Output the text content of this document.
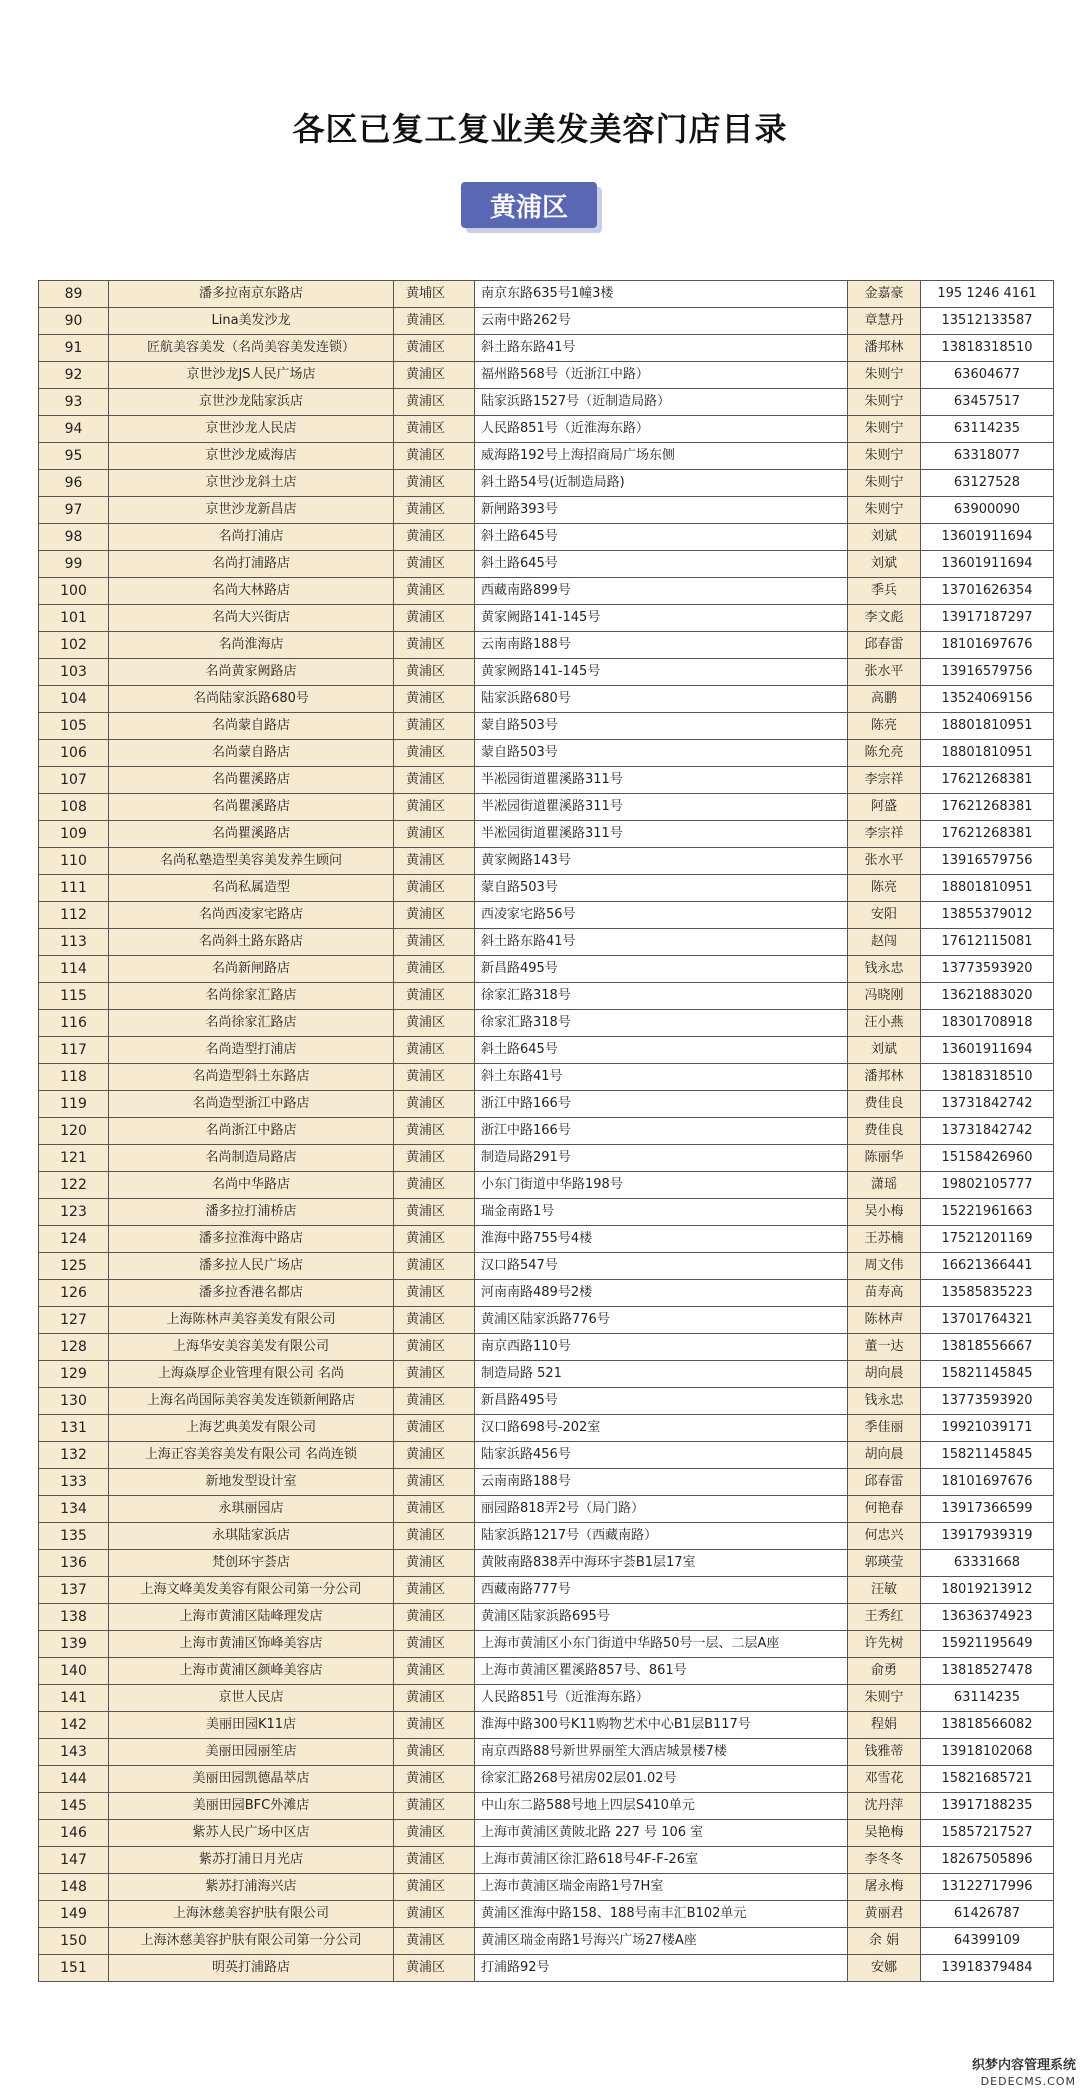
各区已复工复业美发美容门店目录
黄浦区
89	潘多拉南京东路店	黄埔区	南京东路635号1幢3楼	金嘉豪	195 1246 4161
90	Lina美发沙龙	黄浦区	云南中路262号	章慧丹	13512133587
91	匠航美容美发（名尚美容美发连锁）	黄浦区	斜土路东路41号	潘邦林	13818318510
92	京世沙龙JS人民广场店	黄浦区	福州路568号（近浙江中路）	朱则宁	63604677
93	京世沙龙陆家浜店	黄浦区	陆家浜路1527号（近制造局路）	朱则宁	63457517
94	京世沙龙人民店	黄浦区	人民路851号（近淮海东路）	朱则宁	63114235
95	京世沙龙威海店	黄浦区	威海路192号上海招商局广场东侧	朱则宁	63318077
96	京世沙龙斜土店	黄浦区	斜土路54号(近制造局路)	朱则宁	63127528
97	京世沙龙新昌店	黄浦区	新闸路393号	朱则宁	63900090
98	名尚打浦店	黄浦区	斜土路645号	刘斌	13601911694
99	名尚打浦路店	黄浦区	斜土路645号	刘斌	13601911694
100	名尚大林路店	黄浦区	西藏南路899号	季兵	13701626354
101	名尚大兴街店	黄浦区	黄家阙路141-145号	李文彪	13917187297
102	名尚淮海店	黄浦区	云南南路188号	邱春雷	18101697676
103	名尚黄家阙路店	黄浦区	黄家阙路141-145号	张水平	13916579756
104	名尚陆家浜路680号	黄浦区	陆家浜路680号	高鹏	13524069156
105	名尚蒙自路店	黄浦区	蒙自路503号	陈亮	18801810951
106	名尚蒙自路店	黄浦区	蒙自路503号	陈允亮	18801810951
107	名尚瞿溪路店	黄浦区	半凇园街道瞿溪路311号	李宗祥	17621268381
108	名尚瞿溪路店	黄浦区	半凇园街道瞿溪路311号	阿盛	17621268381
109	名尚瞿溪路店	黄浦区	半凇园街道瞿溪路311号	李宗祥	17621268381
110	名尚私塾造型美容美发养生顾问	黄浦区	黄家阙路143号	张水平	13916579756
111	名尚私属造型	黄浦区	蒙自路503号	陈亮	18801810951
112	名尚西凌家宅路店	黄浦区	西凌家宅路56号	安阳	13855379012
113	名尚斜土路东路店	黄浦区	斜土路东路41号	赵闯	17612115081
114	名尚新闸路店	黄浦区	新昌路495号	钱永忠	13773593920
115	名尚徐家汇路店	黄浦区	徐家汇路318号	冯晓刚	13621883020
116	名尚徐家汇路店	黄浦区	徐家汇路318号	汪小燕	18301708918
117	名尚造型打浦店	黄浦区	斜土路645号	刘斌	13601911694
118	名尚造型斜土东路店	黄浦区	斜土东路41号	潘邦林	13818318510
119	名尚造型浙江中路店	黄浦区	浙江中路166号	费佳良	13731842742
120	名尚浙江中路店	黄浦区	浙江中路166号	费佳良	13731842742
121	名尚制造局路店	黄浦区	制造局路291号	陈丽华	15158426960
122	名尚中华路店	黄浦区	小东门街道中华路198号	潇瑶	19802105777
123	潘多拉打浦桥店	黄浦区	瑞金南路1号	吴小梅	15221961663
124	潘多拉淮海中路店	黄浦区	淮海中路755号4楼	王苏楠	17521201169
125	潘多拉人民广场店	黄浦区	汉口路547号	周文伟	16621366441
126	潘多拉香港名都店	黄浦区	河南南路489号2楼	苗寿高	13585835223
127	上海陈林声美容美发有限公司	黄浦区	黄浦区陆家浜路776号	陈林声	13701764321
128	上海华安美容美发有限公司	黄浦区	南京西路110号	董一达	13818556667
129	上海焱厚企业管理有限公司 名尚	黄浦区	制造局路 521	胡向晨	15821145845
130	上海名尚国际美容美发连锁新闸路店	黄浦区	新昌路495号	钱永忠	13773593920
131	上海艺典美发有限公司	黄浦区	汉口路698号-202室	季佳丽	19921039171
132	上海正容美容美发有限公司 名尚连锁	黄浦区	陆家浜路456号	胡向晨	15821145845
133	新地发型设计室	黄浦区	云南南路188号	邱春雷	18101697676
134	永琪丽园店	黄浦区	丽园路818弄2号（局门路）	何艳春	13917366599
135	永琪陆家浜店	黄浦区	陆家浜路1217号（西藏南路）	何忠兴	13917939319
136	梵创环宇荟店	黄浦区	黄陂南路838弄中海环宇荟B1层17室	郭瑛莹	63331668
137	上海文峰美发美容有限公司第一分公司	黄浦区	西藏南路777号	汪敏	18019213912
138	上海市黄浦区陆峰理发店	黄浦区	黄浦区陆家浜路695号	王秀红	13636374923
139	上海市黄浦区饰峰美容店	黄浦区	上海市黄浦区小东门街道中华路50号一层、二层A座	许先树	15921195649
140	上海市黄浦区颜峰美容店	黄浦区	上海市黄浦区瞿溪路857号、861号	俞勇	13818527478
141	京世人民店	黄浦区	人民路851号（近淮海东路）	朱则宁	63114235
142	美丽田园K11店	黄浦区	淮海中路300号K11购物艺术中心B1层B117号	程娟	13818566082
143	美丽田园丽笙店	黄浦区	南京西路88号新世界丽笙大酒店城景楼7楼	钱雅蒂	13918102068
144	美丽田园凯德晶萃店	黄浦区	徐家汇路268号裙房02层01.02号	邓雪花	15821685721
145	美丽田园BFC外滩店	黄浦区	中山东二路588号地上四层S410单元	沈丹萍	13917188235
146	紫苏人民广场中区店	黄浦区	上海市黄浦区黄陂北路 227 号 106 室	吴艳梅	15857217527
147	紫苏打浦日月光店	黄浦区	上海市黄浦区徐汇路618号4F-F-26室	李冬冬	18267505896
148	紫苏打浦海兴店	黄浦区	上海市黄浦区瑞金南路1号7H室	屠永梅	13122717996
149	上海沐慈美容护肤有限公司	黄浦区	黄浦区淮海中路158、188号南丰汇B102单元	黄丽君	61426787
150	上海沐慈美容护肤有限公司第一分公司	黄浦区	黄浦区瑞金南路1号海兴广场27楼A座	余 娟	64399109
151	明英打浦路店	黄浦区	打浦路92号	安娜	13918379484
织梦内容管理系统
DEDECMS.COM
